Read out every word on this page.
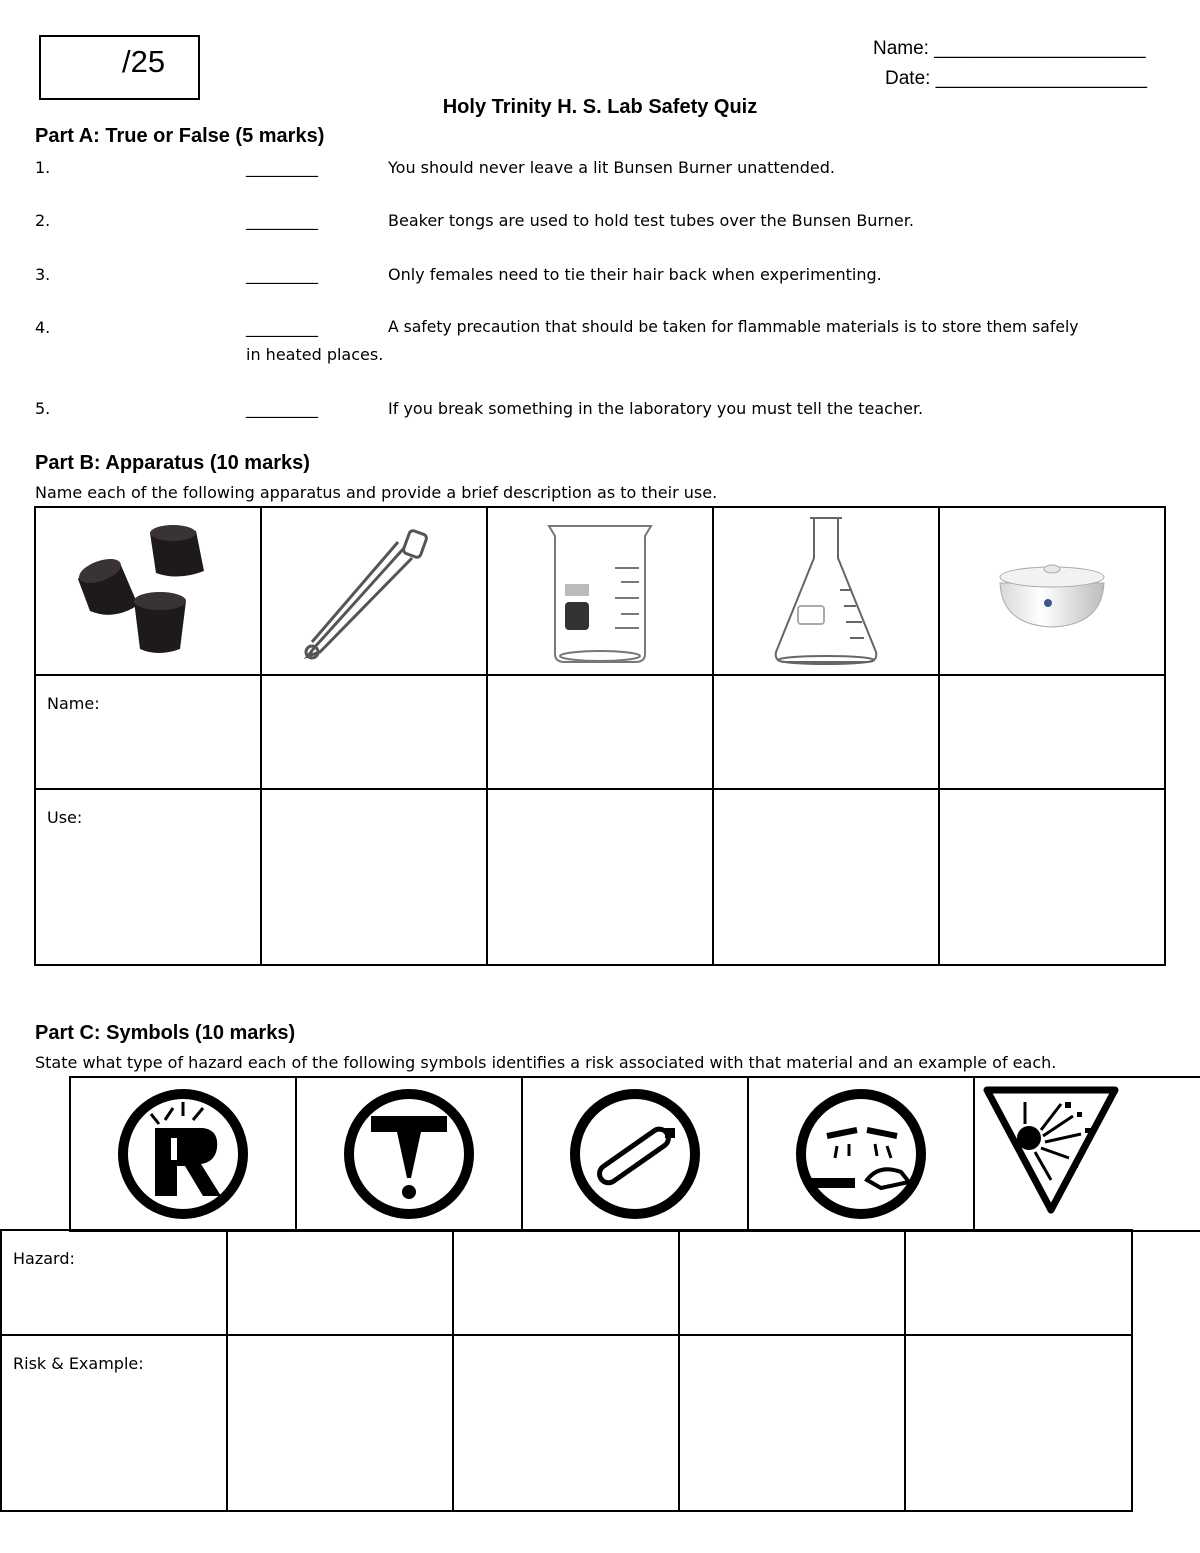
/25	Name: ____________________
Date: ____________________
Holy Trinity H. S. Lab Safety Quiz
Part A: True or False (5 marks)
1.	_________	You should never leave a lit Bunsen Burner unattended.
2.	_________	Beaker tongs are used to hold test tubes over the Bunsen Burner.
3.	_________	Only females need to tie their hair back when experimenting.
4.	_________	A safety precaution that should be taken for flammable materials is to store them safely
in heated places.
5.	_________	If you break something in the laboratory you must tell the teacher.
Part B: Apparatus (10 marks)
Name each of the following apparatus and provide a brief description as to their use.

Name:				

Use:				

Part C: Symbols (10 marks)
State what type of hazard each of the following symbols identifies a risk associated with that material and an example of each.

Hazard:				

Risk & Example:				
